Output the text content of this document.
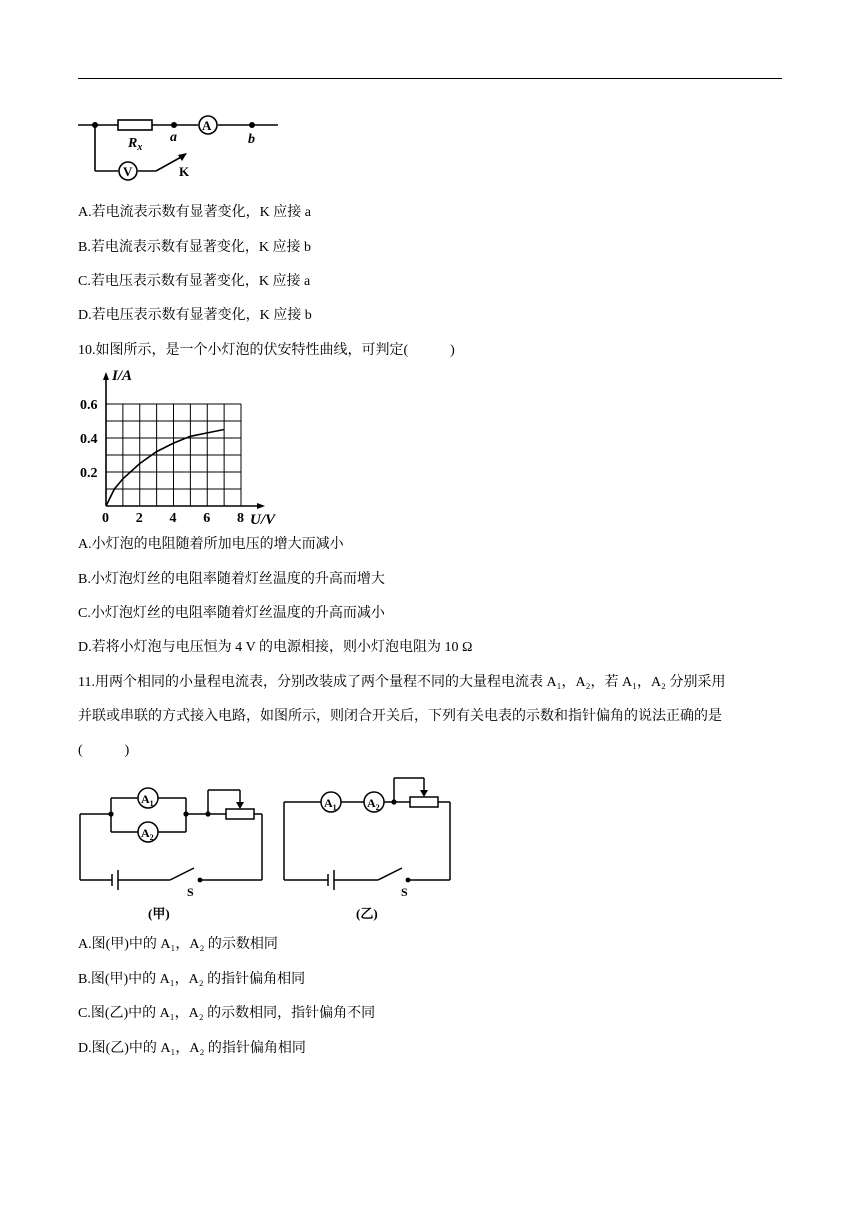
A
V
$R_x$
a	b
K
A.若电流表示数有显著变化，K 应接 a
B.若电流表示数有显著变化，K 应接 b
C.若电压表示数有显著变化，K 应接 a
D.若电压表示数有显著变化，K 应接 b
10.如图所示，是一个小灯泡的伏安特性曲线，可判定(　　　)
0 2 4 6 8
0.2
0.4
0.6
I/A
U/V
A.小灯泡的电阻随着所加电压的增大而减小
B.小灯泡灯丝的电阻率随着灯丝温度的升高而增大
C.小灯泡灯丝的电阻率随着灯丝温度的升高而减小
D.若将小灯泡与电压恒为 4 V 的电源相接，则小灯泡电阻为 10 Ω
11.用两个相同的小量程电流表，分别改装成了两个量程不同的大量程电流表 A₁，A₂，若 A₁，A₂ 分别采用
并联或串联的方式接入电路，如图所示，则闭合开关后，下列有关电表的示数和指针偏角的说法正确的是
(　　　)
$A_1$
$A_2$
S
(甲)
$A_1$	$A_2$
S
(乙)
A.图(甲)中的 A₁，A₂ 的示数相同
B.图(甲)中的 A₁，A₂ 的指针偏角相同
C.图(乙)中的 A₁，A₂ 的示数相同，指针偏角不同
D.图(乙)中的 A₁，A₂ 的指针偏角相同
